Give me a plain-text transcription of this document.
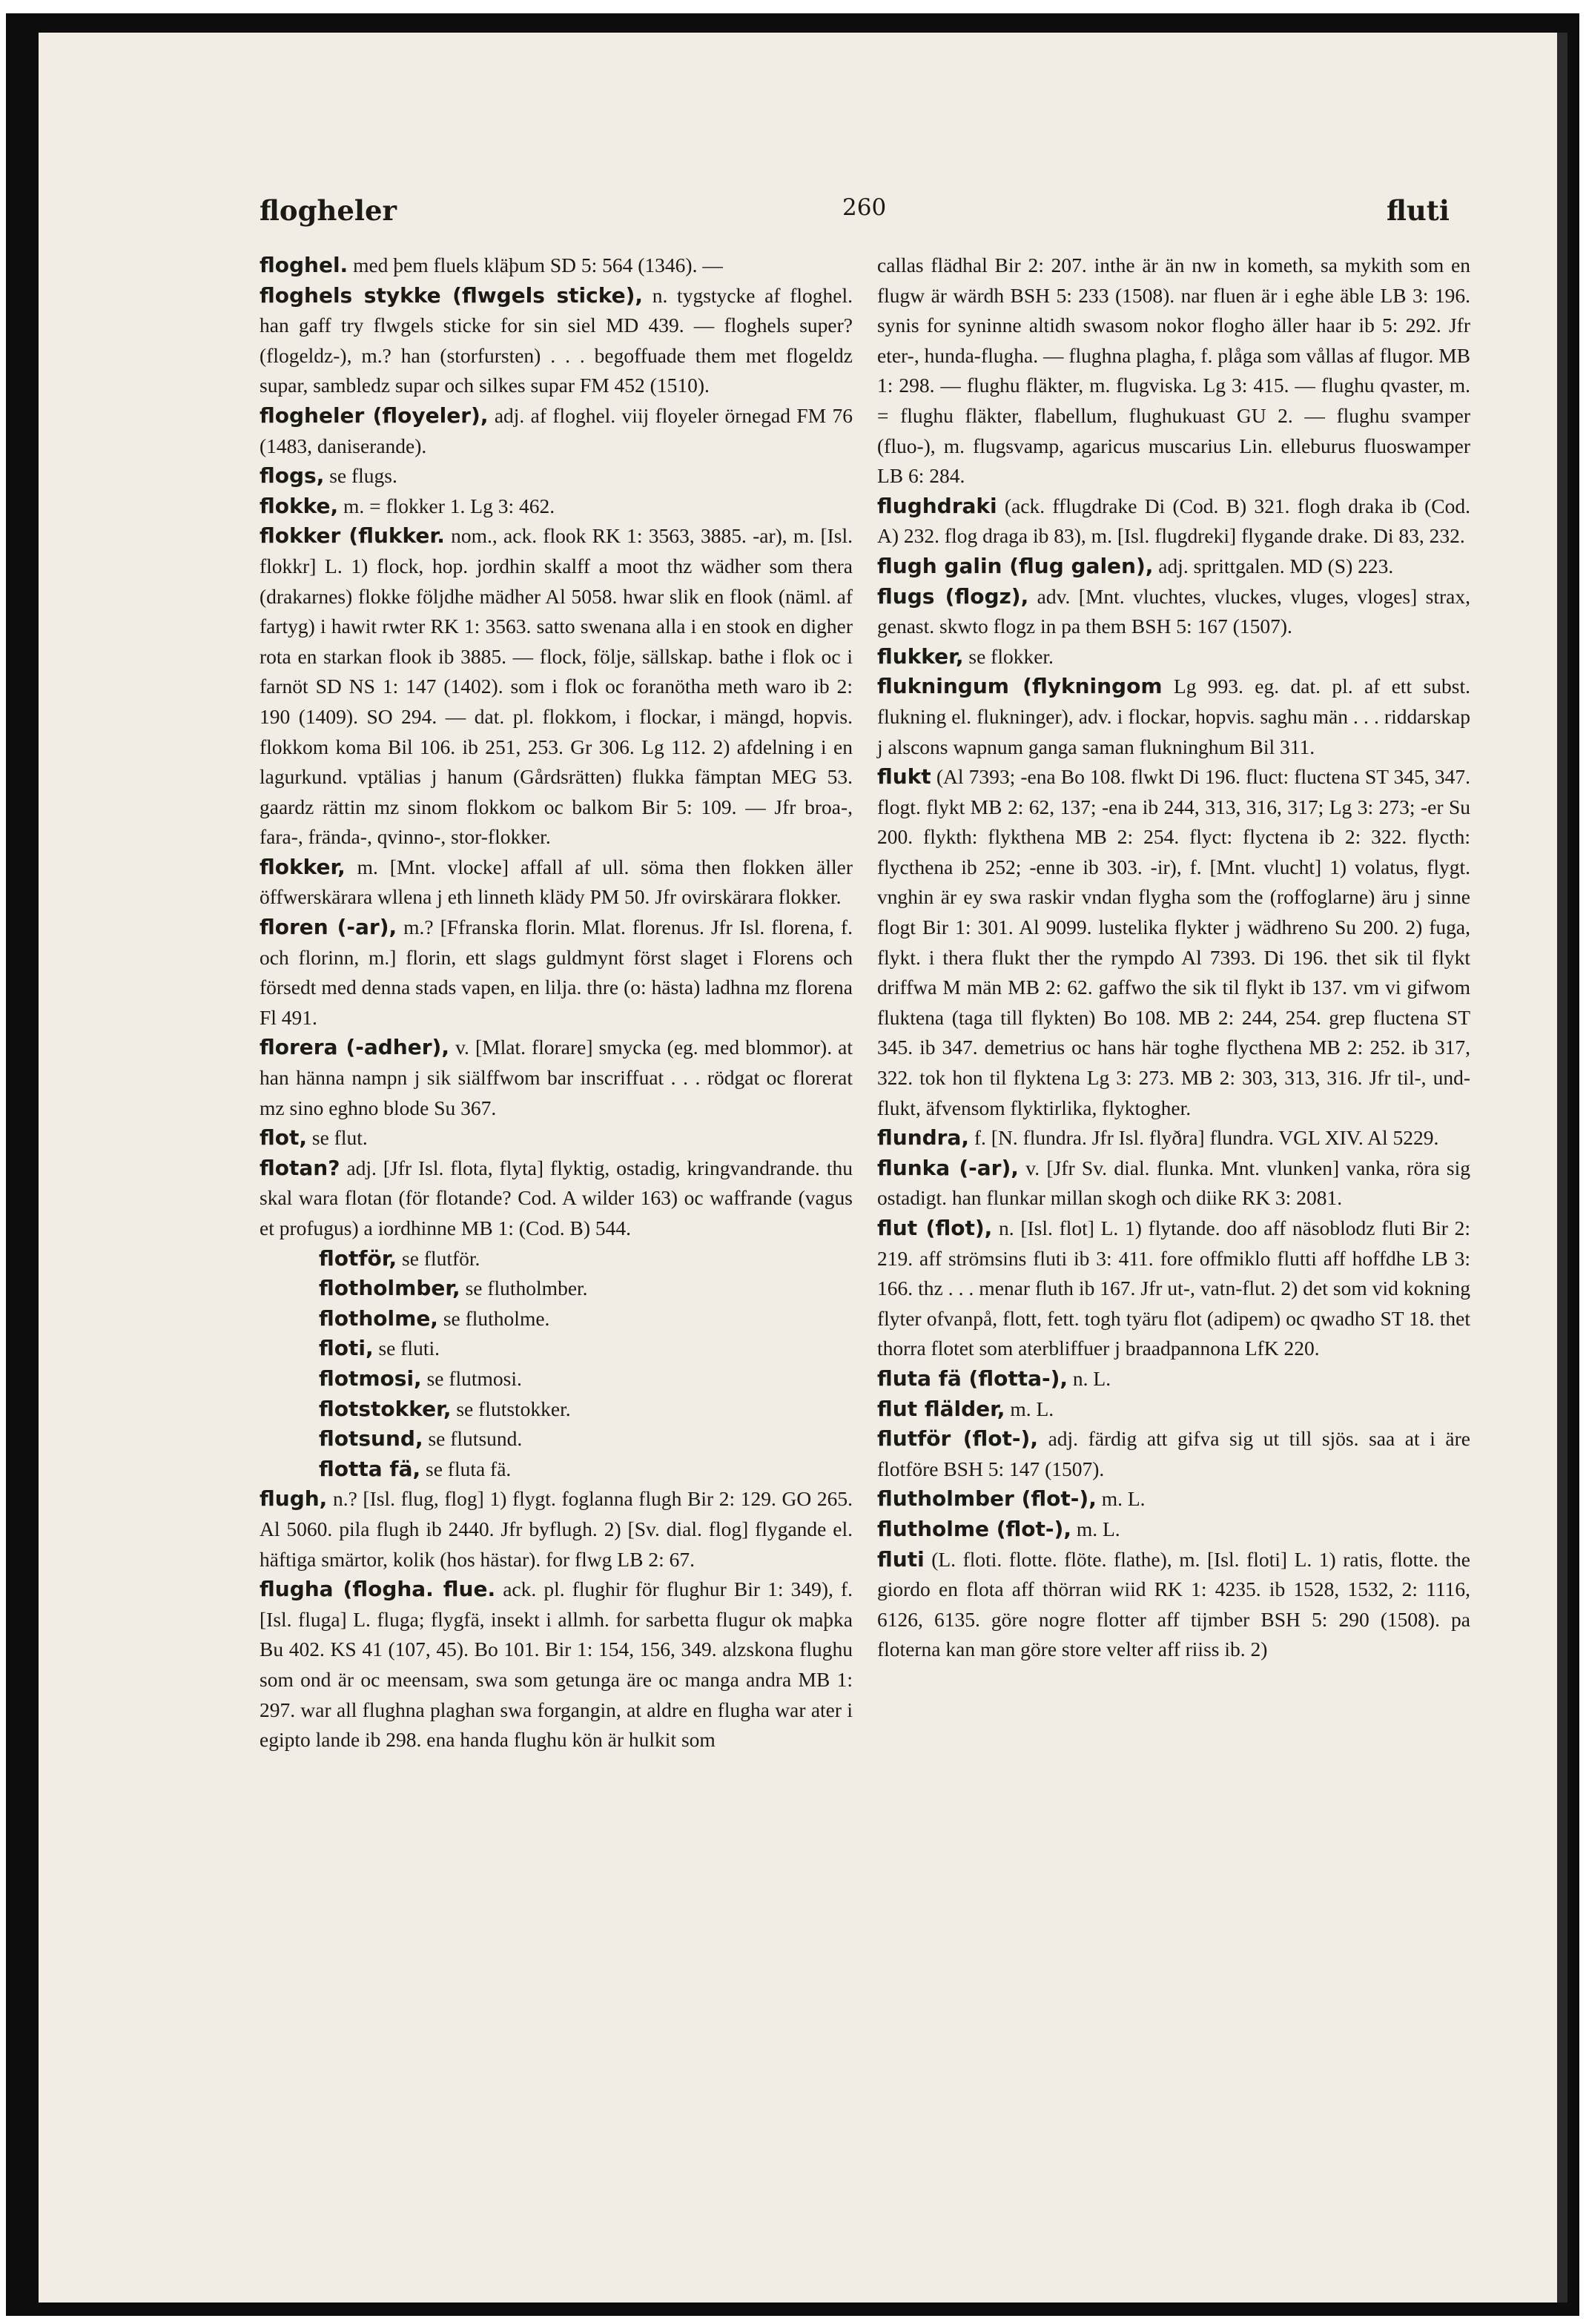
flogheler	260	fluti

floghel. med þem fluels kläþum SD 5: 564 (1346). —

floghels stykke (flwgels sticke), n. tygstycke af floghel. han gaff try flwgels sticke for sin siel MD 439. — floghels super? (flogeldz-), m.? han (storfursten) . . . begoffuade them met flogeldz supar, sambledz supar och silkes supar FM 452 (1510).

flogheler (floyeler), adj. af floghel. viij floyeler örnegad FM 76 (1483, daniserande).

flogs, se flugs.

flokke, m. = flokker 1. Lg 3: 462.

flokker (flukker. nom., ack. flook RK 1: 3563, 3885. -ar), m. [Isl. flokkr] L. 1) flock, hop. jordhin skalff a moot thz wädher som thera (drakarnes) flokke följdhe mädher Al 5058. hwar slik en flook (näml. af fartyg) i hawit rwter RK 1: 3563. satto swenana alla i en stook en digher rota en starkan flook ib 3885. — flock, följe, sällskap. bathe i flok oc i farnöt SD NS 1: 147 (1402). som i flok oc foranötha meth waro ib 2: 190 (1409). SO 294. — dat. pl. flokkom, i flockar, i mängd, hopvis. flokkom koma Bil 106. ib 251, 253. Gr 306. Lg 112. 2) afdelning i en lagurkund. vptälias j hanum (Gårdsrätten) flukka fämptan MEG 53. gaardz rättin mz sinom flokkom oc balkom Bir 5: 109. — Jfr broa-, fara-, frända-, qvinno-, stor-flokker.

flokker, m. [Mnt. vlocke] affall af ull. söma then flokken äller öffwerskärara wllena j eth linneth klädy PM 50. Jfr ovirskärara flokker.

floren (-ar), m.? [Ffranska florin. Mlat. florenus. Jfr Isl. florena, f. och florinn, m.] florin, ett slags guldmynt först slaget i Florens och försedt med denna stads vapen, en lilja. thre (o: hästa) ladhna mz florena Fl 491.

florera (-adher), v. [Mlat. florare] smycka (eg. med blommor). at han hänna nampn j sik siälffwom bar inscriffuat . . . rödgat oc florerat mz sino eghno blode Su 367.

flot, se flut.

flotan? adj. [Jfr Isl. flota, flyta] flyktig, ostadig, kringvandrande. thu skal wara flotan (för flotande? Cod. A wilder 163) oc waffrande (vagus et profugus) a iordhinne MB 1: (Cod. B) 544.

flotför, se flutför.

flotholmber, se flutholmber.

flotholme, se flutholme.

floti, se fluti.

flotmosi, se flutmosi.

flotstokker, se flutstokker.

flotsund, se flutsund.

flotta fä, se fluta fä.

flugh, n.? [Isl. flug, flog] 1) flygt. foglanna flugh Bir 2: 129. GO 265. Al 5060. pila flugh ib 2440. Jfr byflugh. 2) [Sv. dial. flog] flygande el. häftiga smärtor, kolik (hos hästar). for flwg LB 2: 67.

flugha (flogha. flue. ack. pl. flughir för flughur Bir 1: 349), f. [Isl. fluga] L. fluga; flygfä, insekt i allmh. for sarbetta flugur ok maþka Bu 402. KS 41 (107, 45). Bo 101. Bir 1: 154, 156, 349. alzskona flughu som ond är oc meensam, swa som getunga äre oc manga andra MB 1: 297. war all flughna plaghan swa forgangin, at aldre en flugha war ater i egipto lande ib 298. ena handa flughu kön är hulkit som

callas flädhal Bir 2: 207. inthe är än nw in kometh, sa mykith som en flugw är wärdh BSH 5: 233 (1508). nar fluen är i eghe äble LB 3: 196. synis for syninne altidh swasom nokor flogho äller haar ib 5: 292. Jfr eter-, hunda-flugha. — flughna plagha, f. plåga som vållas af flugor. MB 1: 298. — flughu fläkter, m. flugviska. Lg 3: 415. — flughu qvaster, m. = flughu fläkter, flabellum, flughukuast GU 2. — flughu svamper (fluo-), m. flugsvamp, agaricus muscarius Lin. elleburus fluoswamper LB 6: 284.

flughdraki (ack. fflugdrake Di (Cod. B) 321. flogh draka ib (Cod. A) 232. flog draga ib 83), m. [Isl. flugdreki] flygande drake. Di 83, 232.

flugh galin (flug galen), adj. sprittgalen. MD (S) 223.

flugs (flogz), adv. [Mnt. vluchtes, vluckes, vluges, vloges] strax, genast. skwto flogz in pa them BSH 5: 167 (1507).

flukker, se flokker.

flukningum (flykningom Lg 993. eg. dat. pl. af ett subst. flukning el. flukninger), adv. i flockar, hopvis. saghu män . . . riddarskap j alscons wapnum ganga saman flukninghum Bil 311.

flukt (Al 7393; -ena Bo 108. flwkt Di 196. fluct: fluctena ST 345, 347. flogt. flykt MB 2: 62, 137; -ena ib 244, 313, 316, 317; Lg 3: 273; -er Su 200. flykth: flykthena MB 2: 254. flyct: flyctena ib 2: 322. flycth: flycthena ib 252; -enne ib 303. -ir), f. [Mnt. vlucht] 1) volatus, flygt. vnghin är ey swa raskir vndan flygha som the (roffoglarne) äru j sinne flogt Bir 1: 301. Al 9099. lustelika flykter j wädhreno Su 200. 2) fuga, flykt. i thera flukt ther the rympdo Al 7393. Di 196. thet sik til flykt driffwa M män MB 2: 62. gaffwo the sik til flykt ib 137. vm vi gifwom fluktena (taga till flykten) Bo 108. MB 2: 244, 254. grep fluctena ST 345. ib 347. demetrius oc hans här toghe flycthena MB 2: 252. ib 317, 322. tok hon til flyktena Lg 3: 273. MB 2: 303, 313, 316. Jfr til-, und-flukt, äfvensom flyktirlika, flyktogher.

flundra, f. [N. flundra. Jfr Isl. flyðra] flundra. VGL XIV. Al 5229.

flunka (-ar), v. [Jfr Sv. dial. flunka. Mnt. vlunken] vanka, röra sig ostadigt. han flunkar millan skogh och diike RK 3: 2081.

flut (flot), n. [Isl. flot] L. 1) flytande. doo aff näsoblodz fluti Bir 2: 219. aff strömsins fluti ib 3: 411. fore offmiklo flutti aff hoffdhe LB 3: 166. thz . . . menar fluth ib 167. Jfr ut-, vatn-flut. 2) det som vid kokning flyter ofvanpå, flott, fett. togh tyäru flot (adipem) oc qwadho ST 18. thet thorra flotet som aterbliffuer j braadpannona LfK 220.

fluta fä (flotta-), n. L.

flut flälder, m. L.

flutför (flot-), adj. färdig att gifva sig ut till sjös. saa at i äre flotföre BSH 5: 147 (1507).

flutholmber (flot-), m. L.

flutholme (flot-), m. L.

fluti (L. floti. flotte. flöte. flathe), m. [Isl. floti] L. 1) ratis, flotte. the giordo en flota aff thörran wiid RK 1: 4235. ib 1528, 1532, 2: 1116, 6126, 6135. göre nogre flotter aff tijmber BSH 5: 290 (1508). pa floterna kan man göre store velter aff riiss ib. 2)
